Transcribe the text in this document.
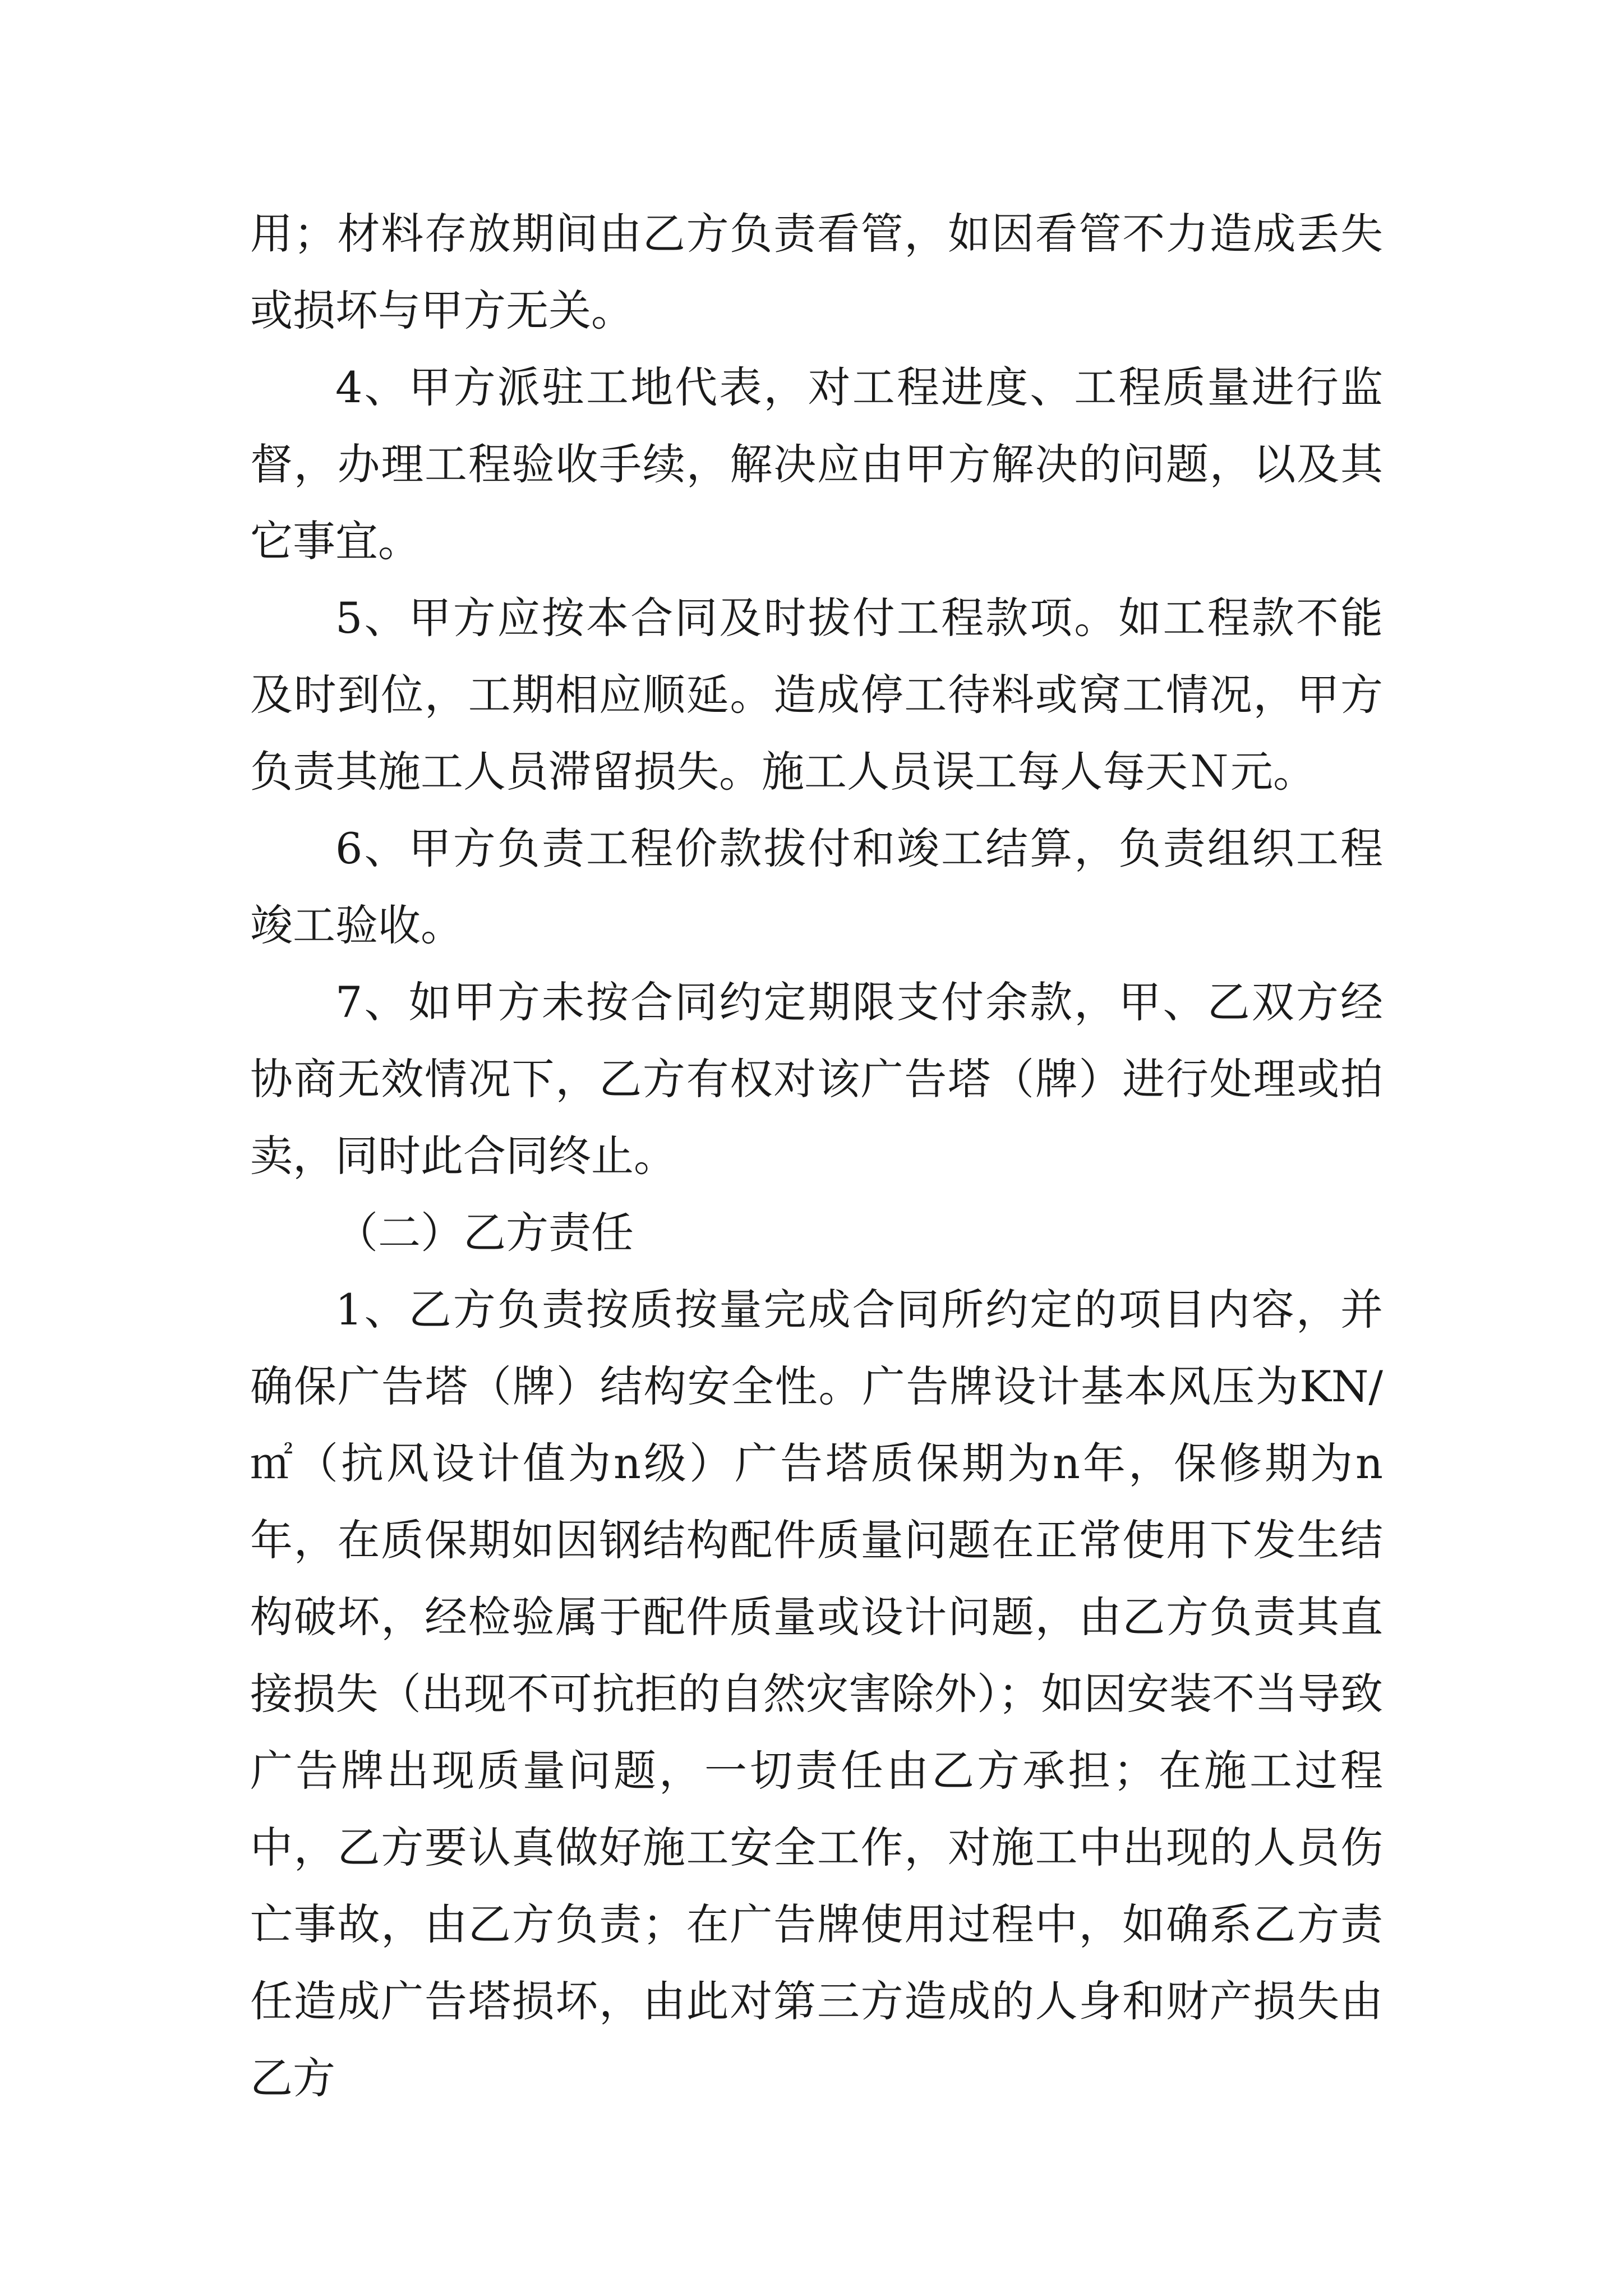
用；材料存放期间由乙方负责看管，如因看管不力造成丢失或损坏与甲方无关。

4、甲方派驻工地代表，对工程进度、工程质量进行监督，办理工程验收手续，解决应由甲方解决的问题，以及其它事宜。

5、甲方应按本合同及时拔付工程款项。如工程款不能及时到位，工期相应顺延。造成停工待料或窝工情况，甲方负责其施工人员滞留损失。施工人员误工每人每天Ｎ元。

6、甲方负责工程价款拔付和竣工结算，负责组织工程竣工验收。

7、如甲方未按合同约定期限支付余款，甲、乙双方经协商无效情况下，乙方有权对该广告塔（牌）进行处理或拍卖，同时此合同终止。

（二）乙方责任

1、乙方负责按质按量完成合同所约定的项目内容，并确保广告塔（牌）结构安全性。广告牌设计基本风压为KN/㎡（抗风设计值为n级）广告塔质保期为n年，保修期为n年，在质保期如因钢结构配件质量问题在正常使用下发生结构破坏，经检验属于配件质量或设计问题，由乙方负责其直接损失（出现不可抗拒的自然灾害除外）；如因安装不当导致广告牌出现质量问题，一切责任由乙方承担；在施工过程中，乙方要认真做好施工安全工作，对施工中出现的人员伤亡事故，由乙方负责；在广告牌使用过程中，如确系乙方责任造成广告塔损坏，由此对第三方造成的人身和财产损失由乙方
